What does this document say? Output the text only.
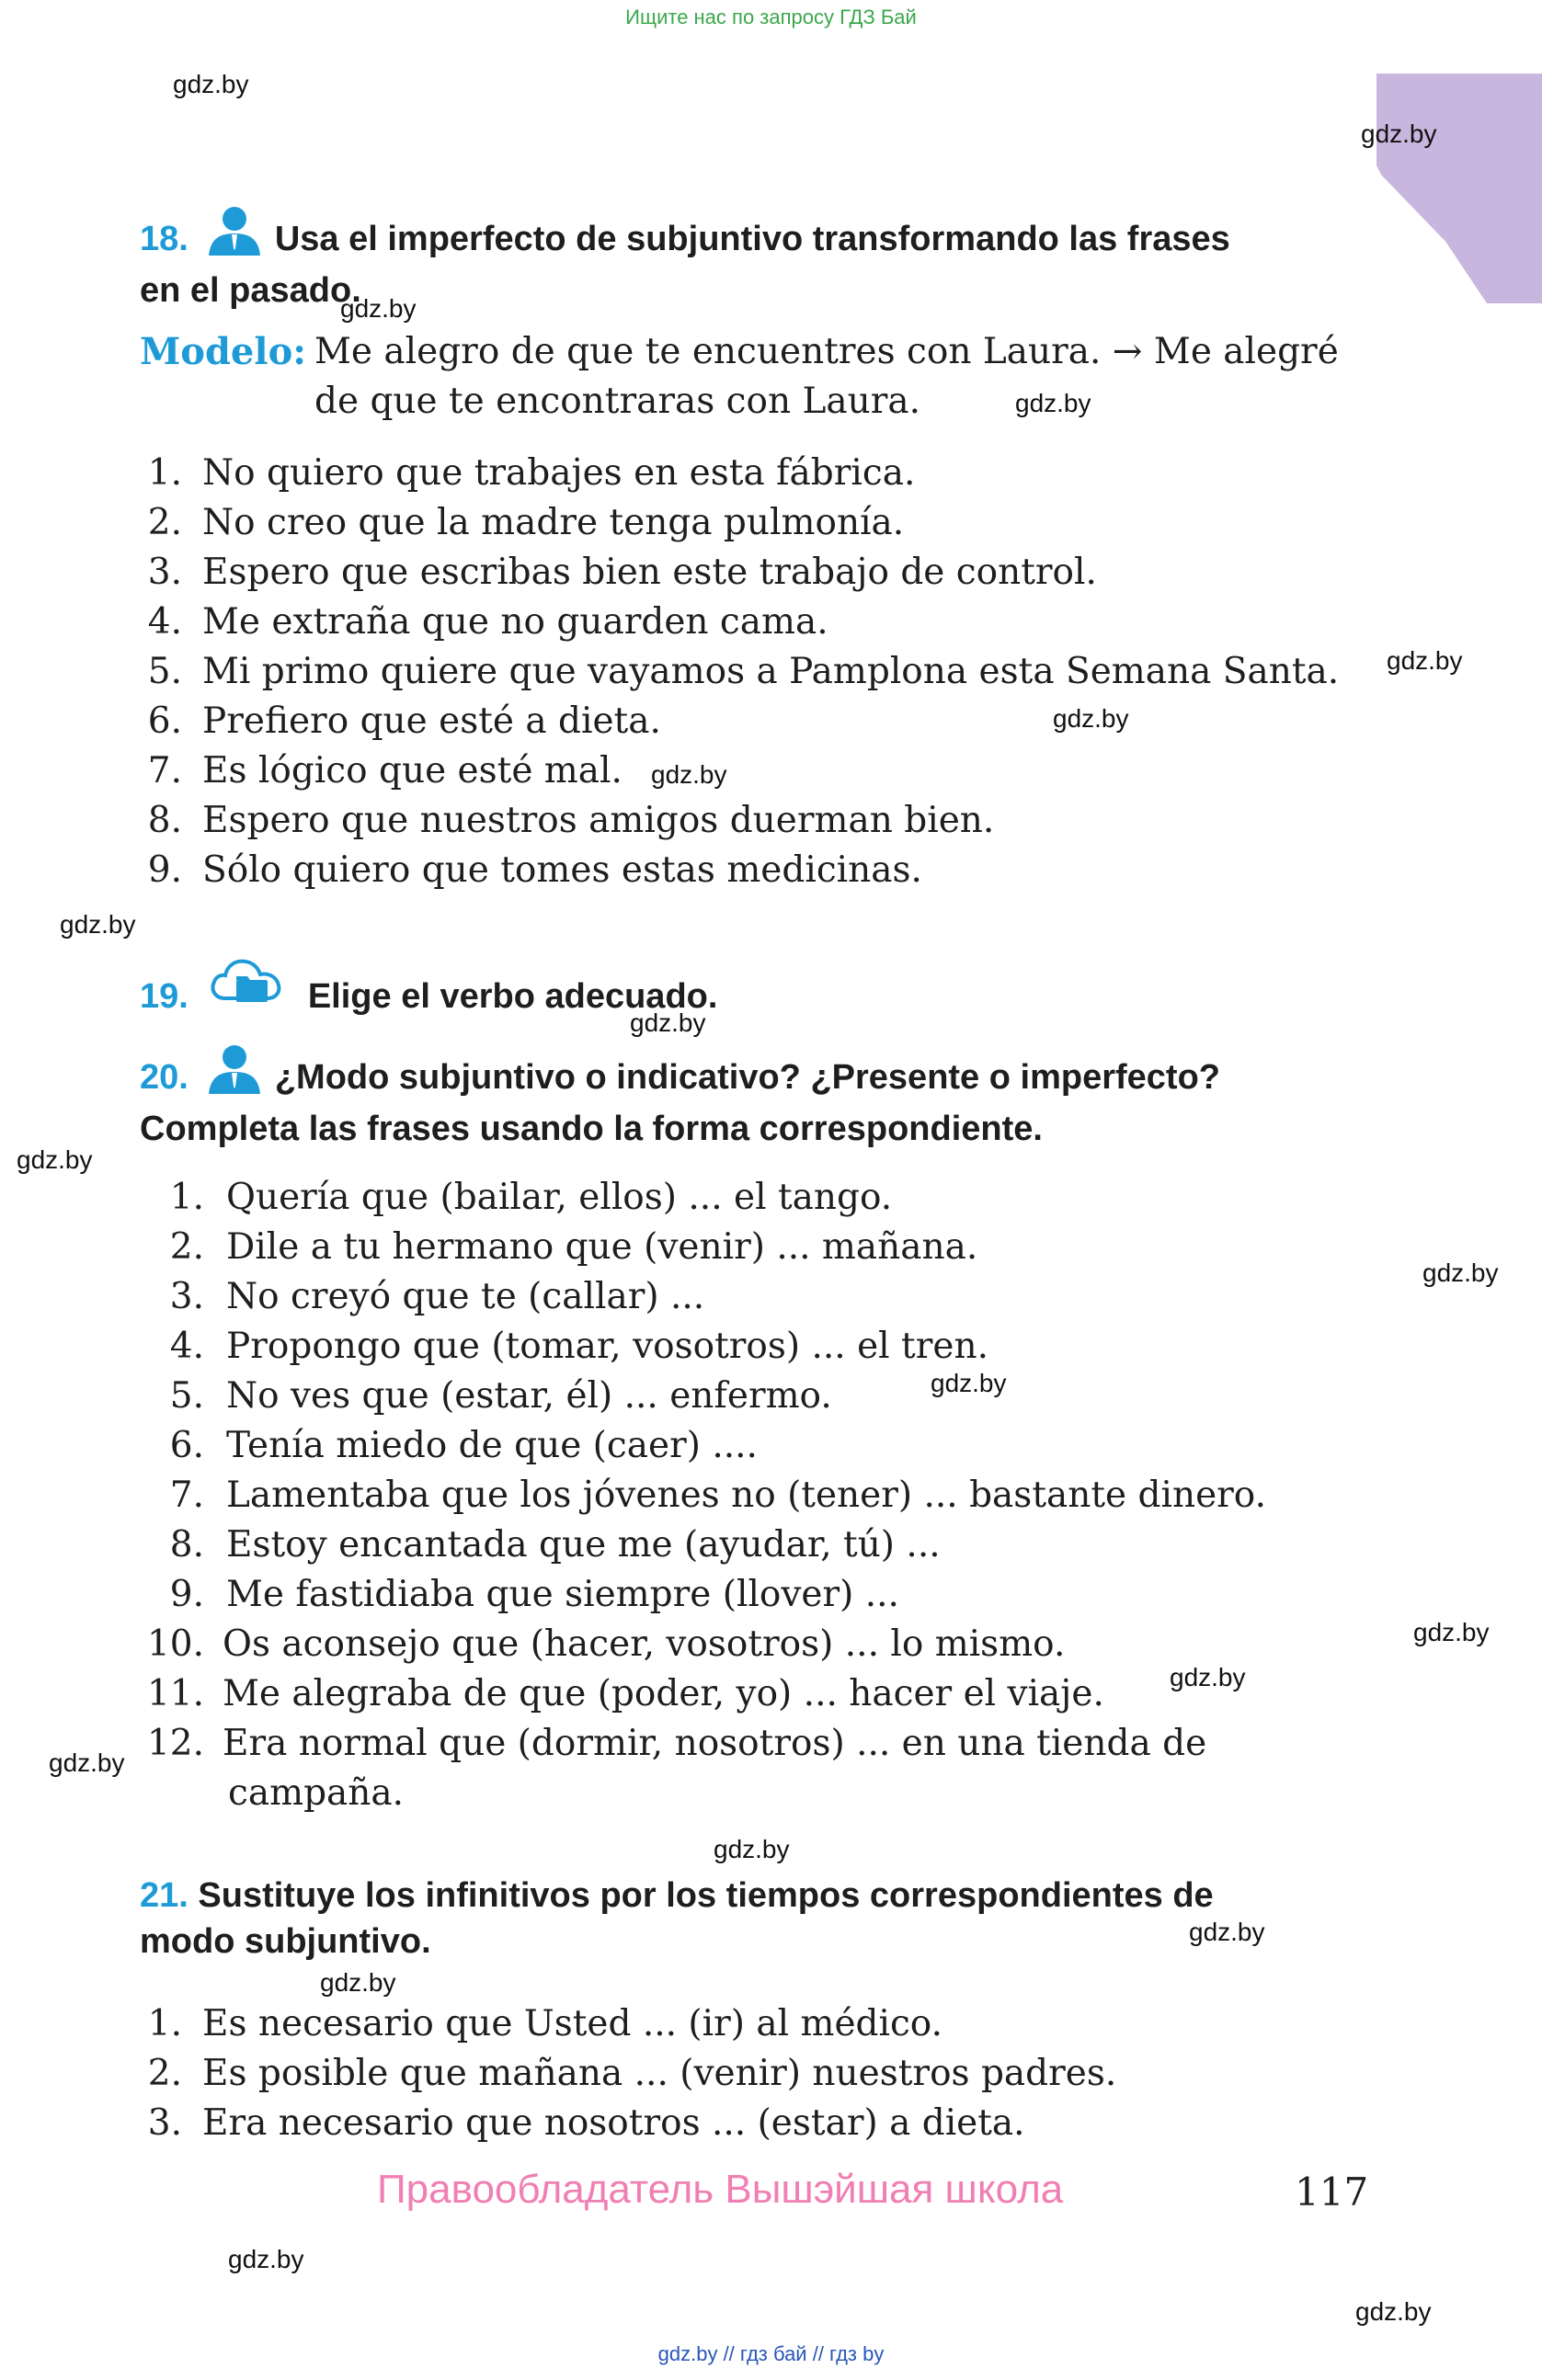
Ищите нас по запросу ГДЗ Бай
gdz.by
gdz.by
gdz.by
gdz.by
gdz.by
gdz.by
gdz.by
gdz.by
gdz.by
gdz.by
gdz.by
gdz.by
gdz.by
gdz.by
gdz.by
gdz.by
gdz.by
gdz.by
gdz.by
gdz.by
18. Usa el imperfecto de subjuntivo transformando las frases
en el pasado.
Modelo: Me alegro de que te encuentres con Laura. → Me alegré
de que te encontraras con Laura.
1. No quiero que trabajes en esta fábrica.
2. No creo que la madre tenga pulmonía.
3. Espero que escribas bien este trabajo de control.
4. Me extraña que no guarden cama.
5. Mi primo quiere que vayamos a Pamplona esta Semana Santa.
6. Prefiero que esté a dieta.
7. Es lógico que esté mal.
8. Espero que nuestros amigos duerman bien.
9. Sólo quiero que tomes estas medicinas.
19.	Elige el verbo adecuado.
20. ¿Modo subjuntivo o indicativo? ¿Presente o imperfecto?
Completa las frases usando la forma correspondiente.
1. Quería que (bailar, ellos) ... el tango.
2. Dile a tu hermano que (venir) ... mañana.
3. No creyó que te (callar) ...
4. Propongo que (tomar, vosotros) ... el tren.
5. No ves que (estar, él) ... enfermo.
6. Tenía miedo de que (caer) ....
7. Lamentaba que los jóvenes no (tener) ... bastante dinero.
8. Estoy encantada que me (ayudar, tú) ...
9. Me fastidiaba que siempre (llover) ...
10. Os aconsejo que (hacer, vosotros) ... lo mismo.
11. Me alegraba de que (poder, yo) ... hacer el viaje.
12. Era normal que (dormir, nosotros) ... en una tienda de
campaña.
21. Sustituye los infinitivos por los tiempos correspondientes de
modo subjuntivo.
1. Es necesario que Usted ... (ir) al médico.
2. Es posible que mañana ... (venir) nuestros padres.
3. Era necesario que nosotros ... (estar) a dieta.
Правообладатель Вышэйшая школа	117
gdz.by // гдз бай // гдз by
